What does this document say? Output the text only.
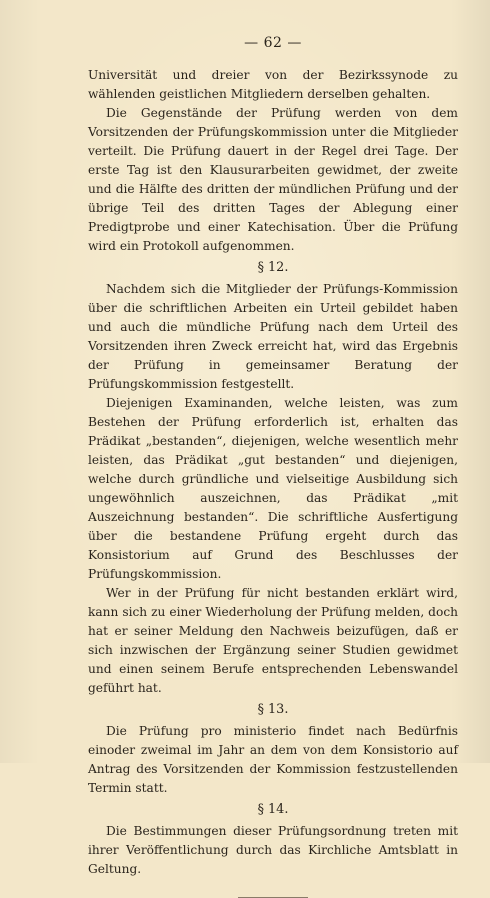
— 62 —

Universität und dreier von der Bezirkssynode zu wählenden geistlichen Mitgliedern derselben gehalten.

Die Gegenstände der Prüfung werden von dem Vorsitzenden der Prüfungskommission unter die Mitglieder verteilt. Die Prüfung dauert in der Regel drei Tage. Der erste Tag ist den Klausurarbeiten gewidmet, der zweite und die Hälfte des dritten der mündlichen Prüfung und der übrige Teil des dritten Tages der Ablegung einer Predigtprobe und einer Katechisation. Über die Prüfung wird ein Protokoll aufgenommen.

§ 12.

Nachdem sich die Mitglieder der Prüfungs-Kommission über die schriftlichen Arbeiten ein Urteil gebildet haben und auch die mündliche Prüfung nach dem Urteil des Vorsitzenden ihren Zweck erreicht hat, wird das Ergebnis der Prüfung in gemeinsamer Beratung der Prüfungskommission festgestellt.

Diejenigen Examinanden, welche leisten, was zum Bestehen der Prüfung erforderlich ist, erhalten das Prädikat „bestanden“, diejenigen, welche wesentlich mehr leisten, das Prädikat „gut bestanden“ und diejenigen, welche durch gründliche und vielseitige Ausbildung sich ungewöhnlich auszeichnen, das Prädikat „mit Auszeichnung bestanden“. Die schriftliche Ausfertigung über die bestandene Prüfung ergeht durch das Konsistorium auf Grund des Beschlusses der Prüfungskommission.

Wer in der Prüfung für nicht bestanden erklärt wird, kann sich zu einer Wiederholung der Prüfung melden, doch hat er seiner Meldung den Nachweis beizufügen, daß er sich inzwischen der Ergänzung seiner Studien gewidmet und einen seinem Berufe entsprechenden Lebenswandel geführt hat.

§ 13.

Die Prüfung pro ministerio findet nach Bedürfnis einoder zweimal im Jahr an dem von dem Konsistorio auf Antrag des Vorsitzenden der Kommission festzustellenden Termin statt.

§ 14.

Die Bestimmungen dieser Prüfungsordnung treten mit ihrer Veröffentlichung durch das Kirchliche Amtsblatt in Geltung.
